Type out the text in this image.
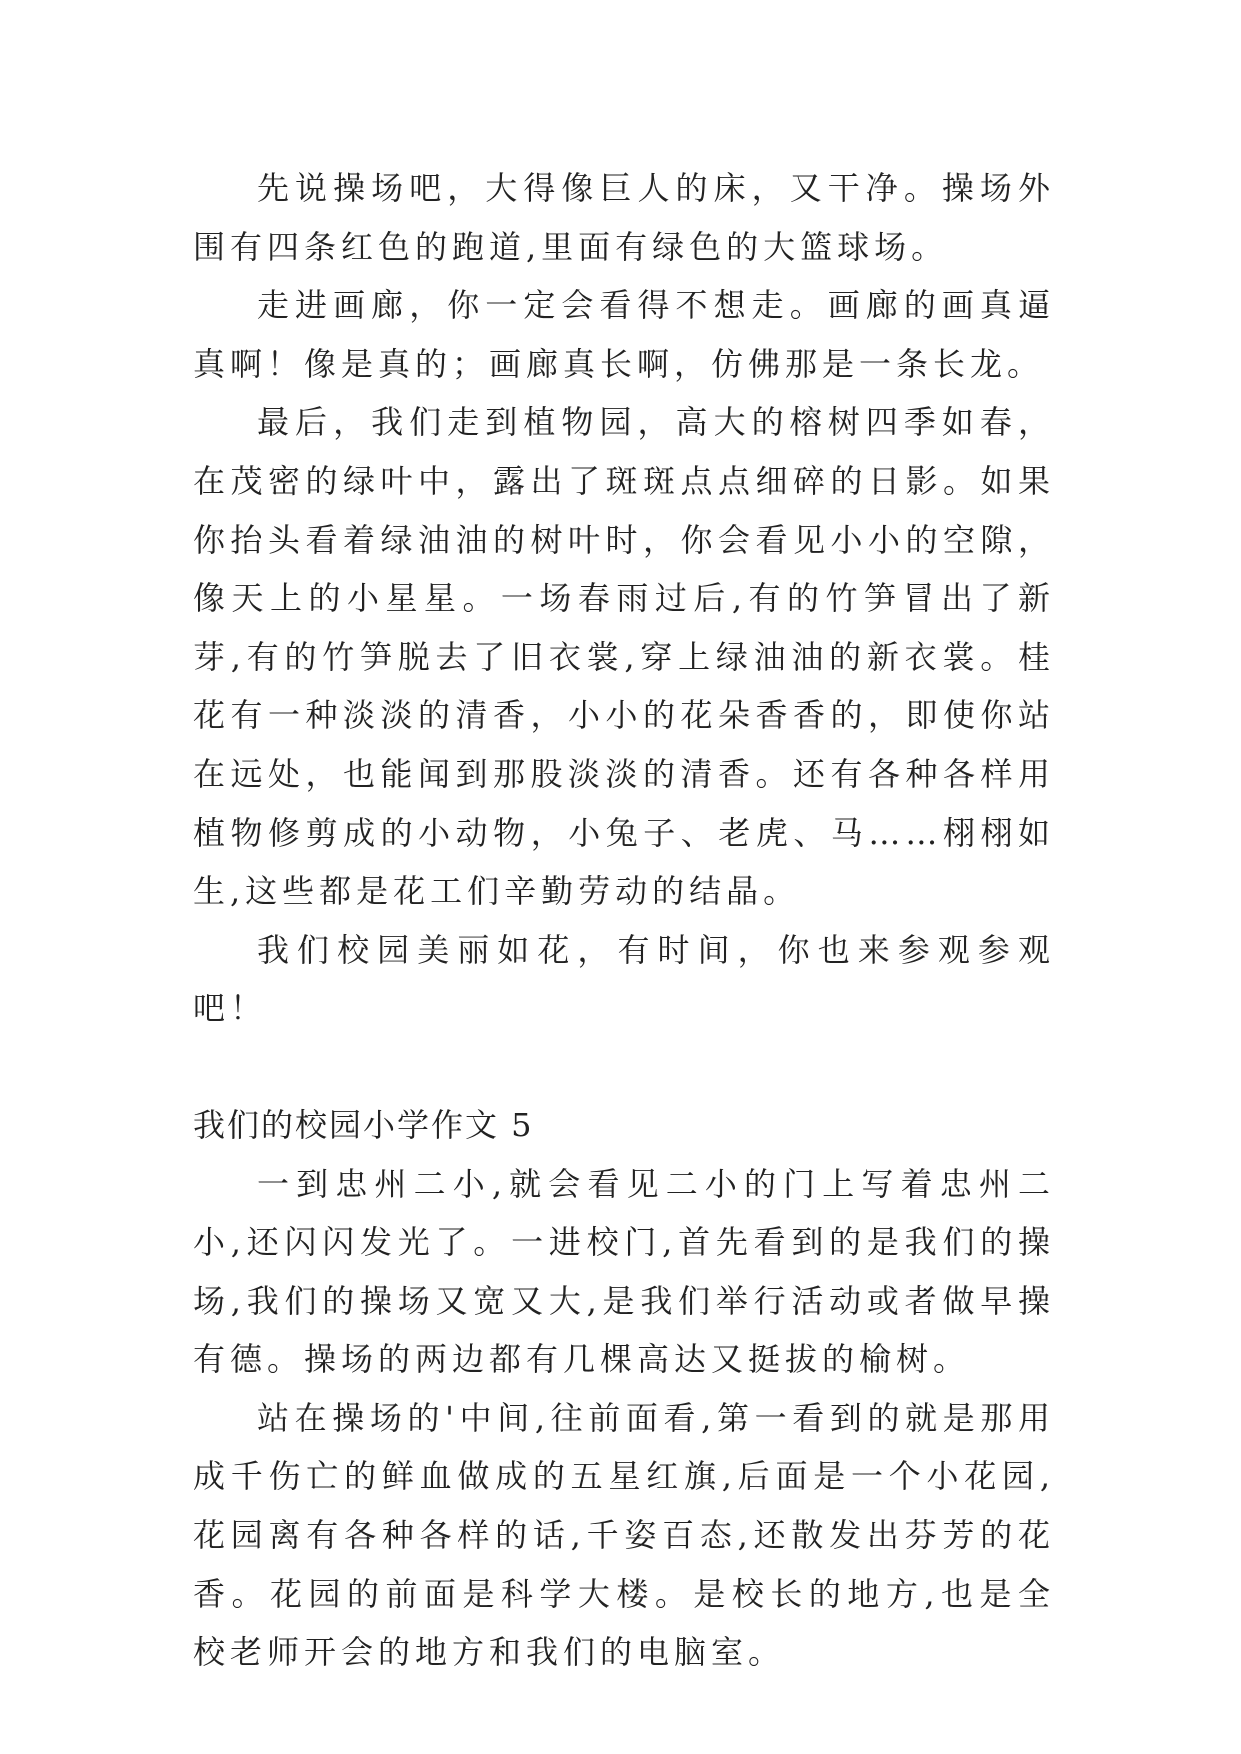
先说操场吧，大得像巨人的床，又干净。操场外围有四条红色的跑道,里面有绿色的大篮球场。

走进画廊，你一定会看得不想走。画廊的画真逼真啊！像是真的；画廊真长啊，仿佛那是一条长龙。

最后，我们走到植物园，高大的榕树四季如春，在茂密的绿叶中，露出了斑斑点点细碎的日影。如果你抬头看着绿油油的树叶时，你会看见小小的空隙，像天上的小星星。一场春雨过后,有的竹笋冒出了新芽,有的竹笋脱去了旧衣裳,穿上绿油油的新衣裳。桂花有一种淡淡的清香，小小的花朵香香的，即使你站在远处，也能闻到那股淡淡的清香。还有各种各样用植物修剪成的小动物，小兔子、老虎、马……栩栩如生,这些都是花工们辛勤劳动的结晶。

我们校园美丽如花，有时间，你也来参观参观吧！

我们的校园小学作文 5

一到忠州二小,就会看见二小的门上写着忠州二小,还闪闪发光了。一进校门,首先看到的是我们的操场,我们的操场又宽又大,是我们举行活动或者做早操有德。操场的两边都有几棵高达又挺拔的榆树。

站在操场的'中间,往前面看,第一看到的就是那用成千伤亡的鲜血做成的五星红旗,后面是一个小花园,花园离有各种各样的话,千姿百态,还散发出芬芳的花香。花园的前面是科学大楼。是校长的地方,也是全校老师开会的地方和我们的电脑室。
